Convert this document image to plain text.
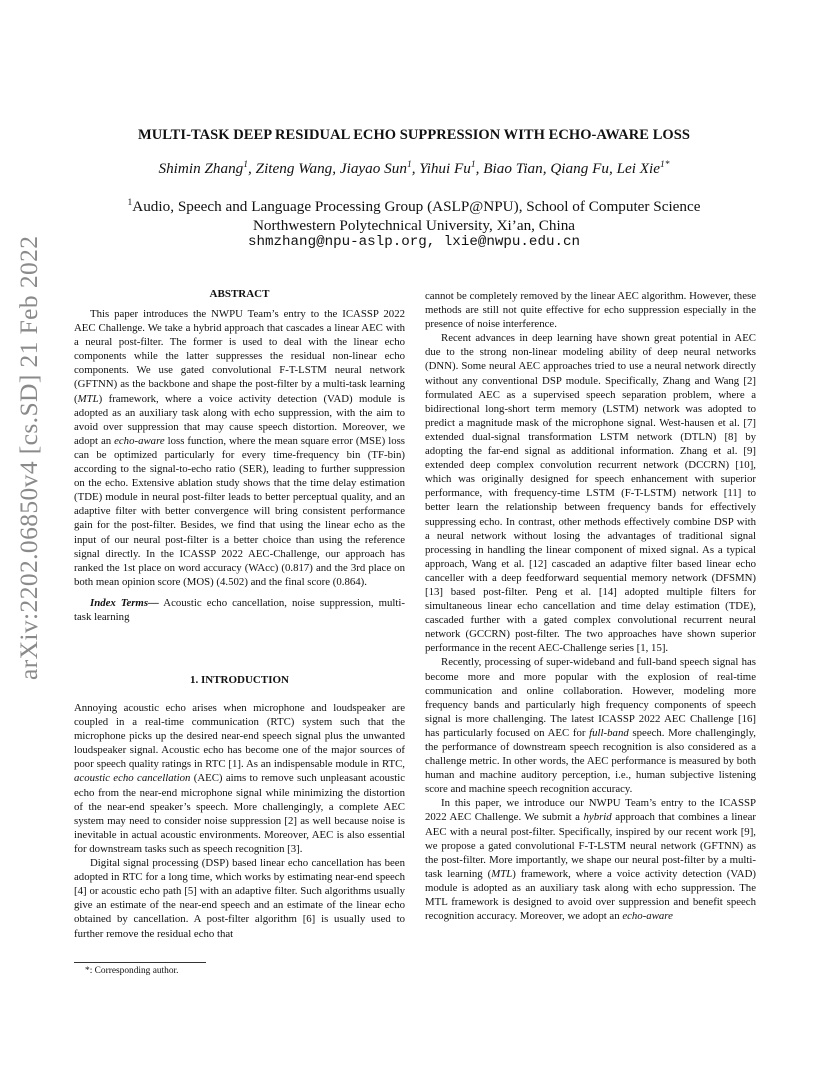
arXiv:2202.06850v4 [cs.SD] 21 Feb 2022
MULTI-TASK DEEP RESIDUAL ECHO SUPPRESSION WITH ECHO-AWARE LOSS
Shimin Zhang$^1$, Ziteng Wang, Jiayao Sun$^1$, Yihui Fu$^1$, Biao Tian, Qiang Fu, Lei Xie$^{1*}$
$^1$Audio, Speech and Language Processing Group (ASLP@NPU), School of Computer Science
Northwestern Polytechnical University, Xi’an, China
shmzhang@npu-aslp.org, lxie@nwpu.edu.cn
ABSTRACT

This paper introduces the NWPU Team’s entry to the ICASSP 2022 AEC Challenge. We take a hybrid approach that cascades a linear AEC with a neural post-filter. The former is used to deal with the linear echo components while the latter suppresses the residual non-linear echo components. We use gated convolutional F-T-LSTM neural network (GFTNN) as the backbone and shape the post-filter by a multi-task learning (MTL) framework, where a voice activity detection (VAD) module is adopted as an auxiliary task along with echo suppression, with the aim to avoid over suppression that may cause speech distortion. Moreover, we adopt an echo-aware loss function, where the mean square error (MSE) loss can be optimized particularly for every time-frequency bin (TF-bin) according to the signal-to-echo ratio (SER), leading to further suppression on the echo. Extensive ablation study shows that the time delay estimation (TDE) module in neural post-filter leads to better perceptual quality, and an adaptive filter with better convergence will bring consistent performance gain for the post-filter. Besides, we find that using the linear echo as the input of our neural post-filter is a better choice than using the reference signal directly. In the ICASSP 2022 AEC-Challenge, our approach has ranked the 1st place on word accuracy (WAcc) (0.817) and the 3rd place on both mean opinion score (MOS) (4.502) and the final score (0.864).

Index Terms— Acoustic echo cancellation, noise suppression, multi-task learning

1. INTRODUCTION

Annoying acoustic echo arises when microphone and loudspeaker are coupled in a real-time communication (RTC) system such that the microphone picks up the desired near-end speech signal plus the unwanted loudspeaker signal. Acoustic echo has become one of the major sources of poor speech quality ratings in RTC [1]. As an indispensable module in RTC, acoustic echo cancellation (AEC) aims to remove such unpleasant acoustic echo from the near-end microphone signal while minimizing the distortion of the near-end speaker’s speech. More challengingly, a complete AEC system may need to consider noise suppression [2] as well because noise is inevitable in actual acoustic environments. Moreover, AEC is also essential for downstream tasks such as speech recognition [3].

Digital signal processing (DSP) based linear echo cancellation has been adopted in RTC for a long time, which works by estimating near-end speech [4] or acoustic echo path [5] with an adaptive filter. Such algorithms usually give an estimate of the near-end speech and an estimate of the linear echo obtained by cancellation. A post-filter algorithm [6] is usually used to further remove the residual echo that

*: Corresponding author.

cannot be completely removed by the linear AEC algorithm. However, these methods are still not quite effective for echo suppression especially in the presence of noise interference.

Recent advances in deep learning have shown great potential in AEC due to the strong non-linear modeling ability of deep neural networks (DNN). Some neural AEC approaches tried to use a neural network directly without any conventional DSP module. Specifically, Zhang and Wang [2] formulated AEC as a supervised speech separation problem, where a bidirectional long-short term memory (LSTM) network was adopted to predict a magnitude mask of the microphone signal. West-hausen et al. [7] extended dual-signal transformation LSTM network (DTLN) [8] by adopting the far-end signal as additional information. Zhang et al. [9] extended deep complex convolution recurrent network (DCCRN) [10], which was originally designed for speech enhancement with superior performance, with frequency-time LSTM (F-T-LSTM) network [11] to better learn the relationship between frequency bands for effectively suppressing echo. In contrast, other methods effectively combine DSP with a neural network without losing the advantages of traditional signal processing in handling the linear component of mixed signal. As a typical approach, Wang et al. [12] cascaded an adaptive filter based linear echo canceller with a deep feedforward sequential memory network (DFSMN) [13] based post-filter. Peng et al. [14] adopted multiple filters for simultaneous linear echo cancellation and time delay estimation (TDE), cascaded further with a gated complex convolutional recurrent neural network (GCCRN) post-filter. The two approaches have shown superior performance in the recent AEC-Challenge series [1, 15].

Recently, processing of super-wideband and full-band speech signal has become more and more popular with the explosion of real-time communication and online collaboration. However, modeling more frequency bands and particularly high frequency components of speech signal is more challenging. The latest ICASSP 2022 AEC Challenge [16] has particularly focused on AEC for full-band speech. More challengingly, the performance of downstream speech recognition is also considered as a challenge metric. In other words, the AEC performance is measured by both human and machine auditory perception, i.e., human subjective listening score and machine speech recognition accuracy.

In this paper, we introduce our NWPU Team’s entry to the ICASSP 2022 AEC Challenge. We submit a hybrid approach that combines a linear AEC with a neural post-filter. Specifically, inspired by our recent work [9], we propose a gated convolutional F-T-LSTM neural network (GFTNN) as the post-filter. More importantly, we shape our neural post-filter by a multi-task learning (MTL) framework, where a voice activity detection (VAD) module is adopted as an auxiliary task along with echo suppression. The MTL framework is designed to avoid over suppression and benefit speech recognition accuracy. Moreover, we adopt an echo-aware
